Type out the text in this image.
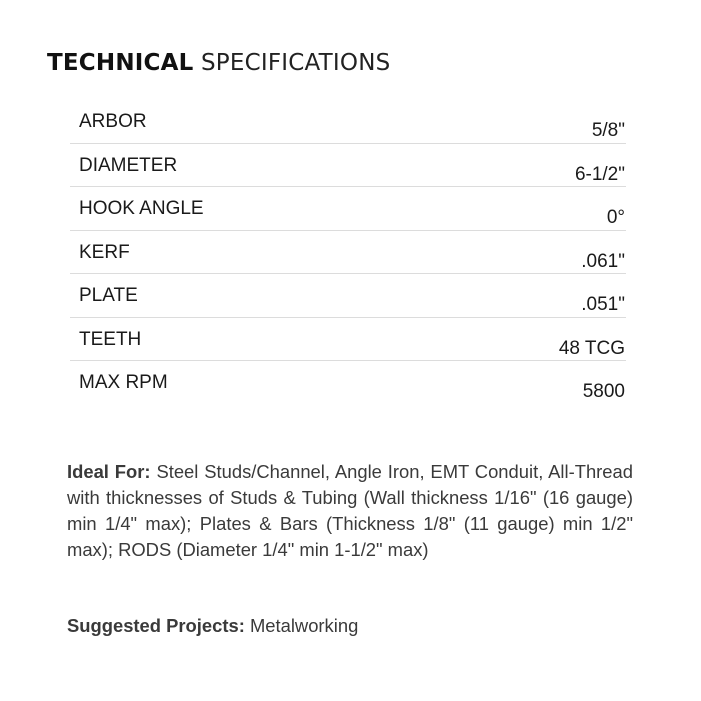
TECHNICAL SPECIFICATIONS
ARBOR	5/8"
DIAMETER	6-1/2"
HOOK ANGLE	0°
KERF	.061"
PLATE	.051"
TEETH	48 TCG
MAX RPM	5800
Ideal For: Steel Studs/Channel, Angle Iron, EMT Conduit, All-Thread with thicknesses of Studs & Tubing (Wall thickness 1/16" (16 gauge) min 1/4" max); Plates & Bars (Thickness 1/8" (11 gauge) min 1/2" max); RODS (Diameter 1/4" min 1-1/2" max)
Suggested Projects: Metalworking
